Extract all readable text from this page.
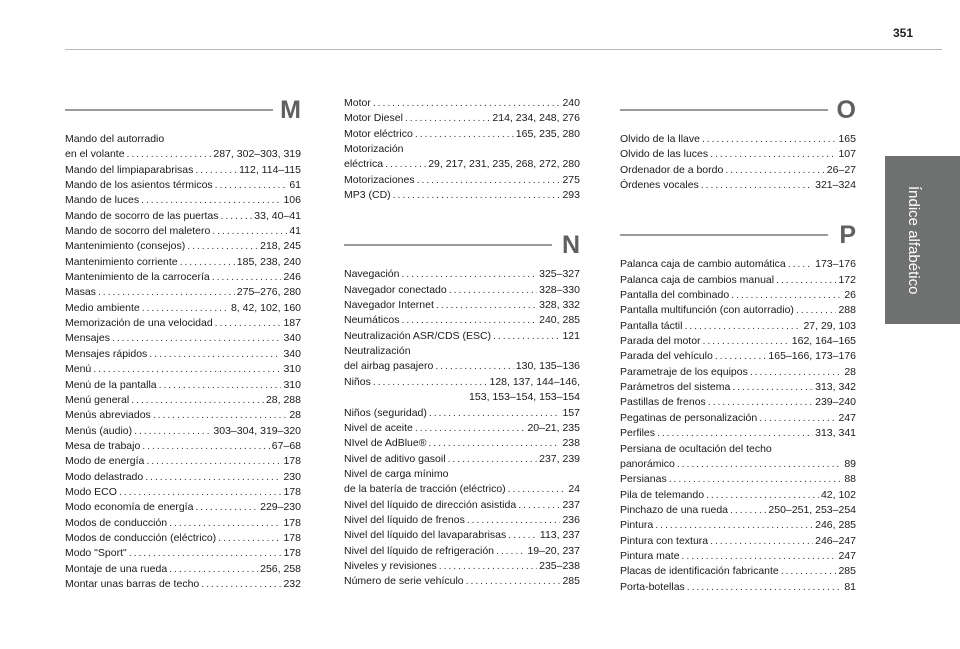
351
Índice alfabético
M
Mando del autorradio
en el volante . . .	287, 302–303, 319
Mando del limpiaparabrisas . . .	112, 114–115
Mando de los asientos térmicos . . .	61
Mando de luces . . .	106
Mando de socorro de las puertas . . .	33, 40–41
Mando de socorro del maletero . . .	41
Mantenimiento (consejos) . . .	218, 245
Mantenimiento corriente . . .	185, 238, 240
Mantenimiento de la carrocería . . .	246
Masas . . .	275–276, 280
Medio ambiente . . .	8, 42, 102, 160
Memorización de una velocidad . . .	187
Mensajes . . .	340
Mensajes rápidos . . .	340
Menú . . .	310
Menú de la pantalla . . .	310
Menú general . . .	28, 288
Menús abreviados . . .	28
Menús (audio) . . .	303–304, 319–320
Mesa de trabajo . . .	67–68
Modo de energía . . .	178
Modo delastrado . . .	230
Modo ECO . . .	178
Modo economía de energía . . .	229–230
Modos de conducción . . .	178
Modos de conducción (eléctrico) . . .	178
Modo "Sport" . . .	178
Montaje de una rueda . . .	256, 258
Montar unas barras de techo . . .	232
Motor . . .	240
Motor Diesel . . .	214, 234, 248, 276
Motor eléctrico . . .	165, 235, 280
Motorización
eléctrica . . .	29, 217, 231, 235, 268, 272, 280
Motorizaciones . . .	275
MP3 (CD) . . .	293
N
Navegación . . .	325–327
Navegador conectado . . .	328–330
Navegador Internet . . .	328, 332
Neumáticos . . .	240, 285
Neutralización ASR/CDS (ESC) . . .	121
Neutralización
del airbag pasajero . . .	130, 135–136
Niños . . .	128, 137, 144–146,
153, 153–154, 153–154
Niños (seguridad) . . .	157
Nivel de aceite . . .	20–21, 235
NIvel de AdBlue® . . .	238
Nivel de aditivo gasoil . . .	237, 239
Nivel de carga mínimo
de la batería de tracción (eléctrico) . . .	24
Nivel del líquido de dirección asistida . . .	237
Nivel del líquido de frenos . . .	236
Nivel del líquido del lavaparabrisas . . .	113, 237
Nivel del líquido de refrigeración . . .	19–20, 237
Niveles y revisiones . . .	235–238
Número de serie vehículo . . .	285
O
Olvido de la llave . . .	165
Olvido de las luces . . .	107
Ordenador de a bordo . . .	26–27
Órdenes vocales . . .	321–324
P
Palanca caja de cambio automática . . .	173–176
Palanca caja de cambios manual . . .	172
Pantalla del combinado . . .	26
Pantalla multifunción (con autorradio) . . .	288
Pantalla táctil . . .	27, 29, 103
Parada del motor . . .	162, 164–165
Parada del vehículo . . .	165–166, 173–176
Parametraje de los equipos . . .	28
Parámetros del sistema . . .	313, 342
Pastillas de frenos . . .	239–240
Pegatinas de personalización . . .	247
Perfiles . . .	313, 341
Persiana de ocultación del techo
panorámico . . .	89
Persianas . . .	88
Pila de telemando . . .	42, 102
Pinchazo de una rueda . . .	250–251, 253–254
Pintura . . .	246, 285
Pintura con textura . . .	246–247
Pintura mate . . .	247
Placas de identificación fabricante . . .	285
Porta-botellas . . .	81
